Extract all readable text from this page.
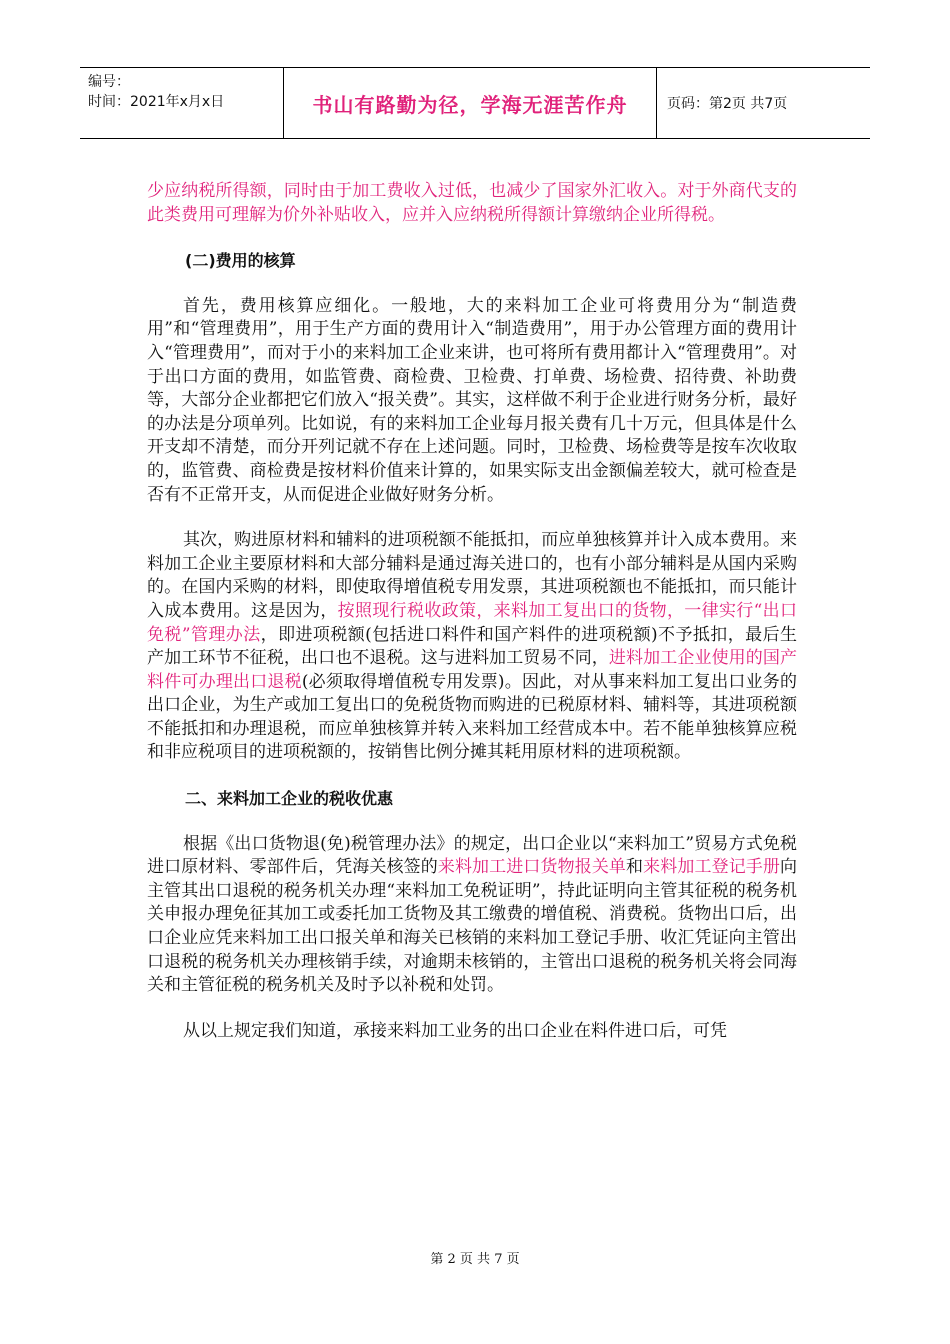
编号：
时间：2021年x月x日	书山有路勤为径，学海无涯苦作舟	页码：第2页 共7页

少应纳税所得额，同时由于加工费收入过低，也减少了国家外汇收入。对于外商代支的此类费用可理解为价外补贴收入，应并入应纳税所得额计算缴纳企业所得税。

(二)费用的核算

首先，费用核算应细化。一般地，大的来料加工企业可将费用分为“制造费用”和“管理费用”，用于生产方面的费用计入“制造费用”，用于办公管理方面的费用计入“管理费用”，而对于小的来料加工企业来讲，也可将所有费用都计入“管理费用”。对于出口方面的费用，如监管费、商检费、卫检费、打单费、场检费、招待费、补助费等，大部分企业都把它们放入“报关费”。其实，这样做不利于企业进行财务分析，最好的办法是分项单列。比如说，有的来料加工企业每月报关费有几十万元，但具体是什么开支却不清楚，而分开列记就不存在上述问题。同时，卫检费、场检费等是按车次收取的，监管费、商检费是按材料价值来计算的，如果实际支出金额偏差较大，就可检查是否有不正常开支，从而促进企业做好财务分析。

其次，购进原材料和辅料的进项税额不能抵扣，而应单独核算并计入成本费用。来料加工企业主要原材料和大部分辅料是通过海关进口的，也有小部分辅料是从国内采购的。在国内采购的材料，即使取得增值税专用发票，其进项税额也不能抵扣，而只能计入成本费用。这是因为，按照现行税收政策，来料加工复出口的货物，一律实行“出口免税”管理办法，即进项税额(包括进口料件和国产料件的进项税额)不予抵扣，最后生产加工环节不征税，出口也不退税。这与进料加工贸易不同，进料加工企业使用的国产料件可办理出口退税(必须取得增值税专用发票)。因此，对从事来料加工复出口业务的出口企业，为生产或加工复出口的免税货物而购进的已税原材料、辅料等，其进项税额不能抵扣和办理退税，而应单独核算并转入来料加工经营成本中。若不能单独核算应税和非应税项目的进项税额的，按销售比例分摊其耗用原材料的进项税额。

二、来料加工企业的税收优惠

根据《出口货物退(免)税管理办法》的规定，出口企业以“来料加工”贸易方式免税进口原材料、零部件后，凭海关核签的来料加工进口货物报关单和来料加工登记手册向主管其出口退税的税务机关办理“来料加工免税证明”，持此证明向主管其征税的税务机关申报办理免征其加工或委托加工货物及其工缴费的增值税、消费税。货物出口后，出口企业应凭来料加工出口报关单和海关已核销的来料加工登记手册、收汇凭证向主管出口退税的税务机关办理核销手续，对逾期未核销的，主管出口退税的税务机关将会同海关和主管征税的税务机关及时予以补税和处罚。

从以上规定我们知道，承接来料加工业务的出口企业在料件进口后，可凭

第 2 页 共 7 页
